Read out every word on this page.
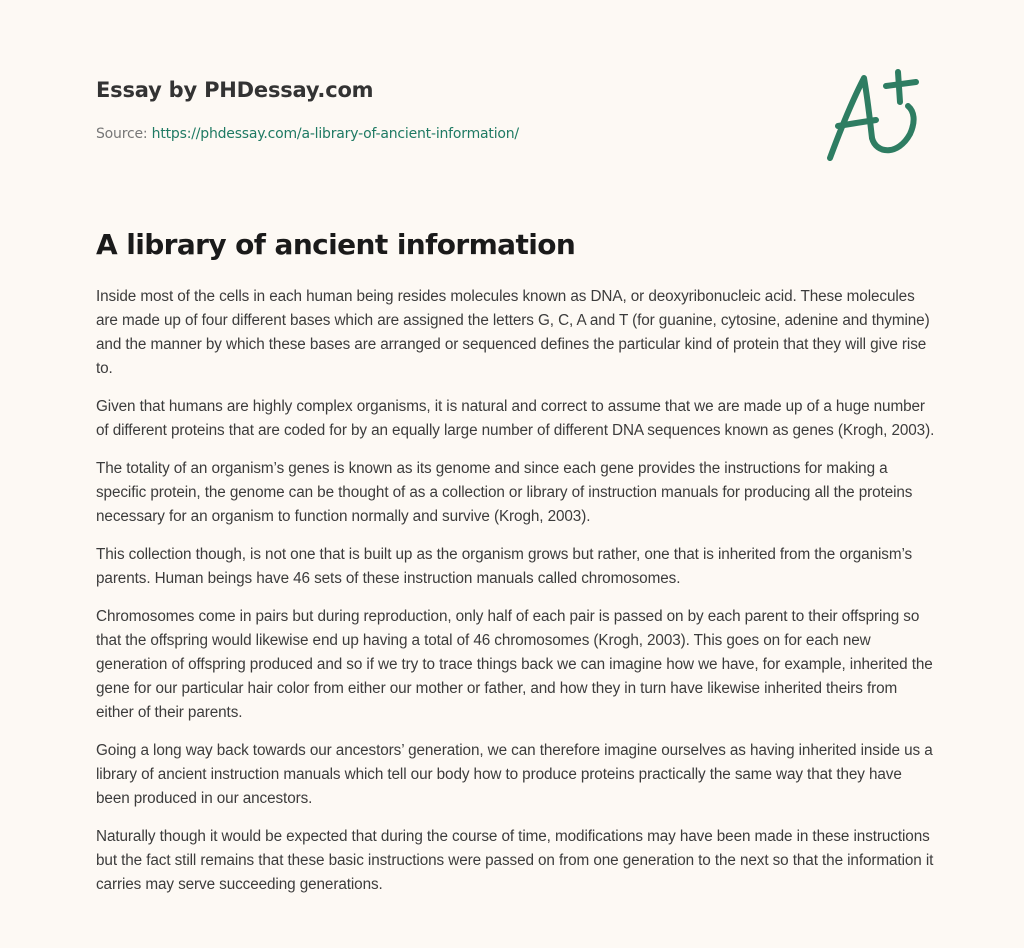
Essay by PHDessay.com
Source: https://phdessay.com/a-library-of-ancient-information/
A library of ancient information

Inside most of the cells in each human being resides molecules known as DNA, or deoxyribonucleic acid. These molecules are made up of four different bases which are assigned the letters G, C, A and T (for guanine, cytosine, adenine and thymine) and the manner by which these bases are arranged or sequenced defines the particular kind of protein that they will give rise to.

Given that humans are highly complex organisms, it is natural and correct to assume that we are made up of a huge number of different proteins that are coded for by an equally large number of different DNA sequences known as genes (Krogh, 2003).

The totality of an organism’s genes is known as its genome and since each gene provides the instructions for making a specific protein, the genome can be thought of as a collection or library of instruction manuals for producing all the proteins necessary for an organism to function normally and survive (Krogh, 2003).

This collection though, is not one that is built up as the organism grows but rather, one that is inherited from the organism’s parents. Human beings have 46 sets of these instruction manuals called chromosomes.

Chromosomes come in pairs but during reproduction, only half of each pair is passed on by each parent to their offspring so that the offspring would likewise end up having a total of 46 chromosomes (Krogh, 2003). This goes on for each new generation of offspring produced and so if we try to trace things back we can imagine how we have, for example, inherited the gene for our particular hair color from either our mother or father, and how they in turn have likewise inherited theirs from either of their parents.

Going a long way back towards our ancestors’ generation, we can therefore imagine ourselves as having inherited inside us a library of ancient instruction manuals which tell our body how to produce proteins practically the same way that they have been produced in our ancestors.

Naturally though it would be expected that during the course of time, modifications may have been made in these instructions but the fact still remains that these basic instructions were passed on from one generation to the next so that the information it carries may serve succeeding generations.
